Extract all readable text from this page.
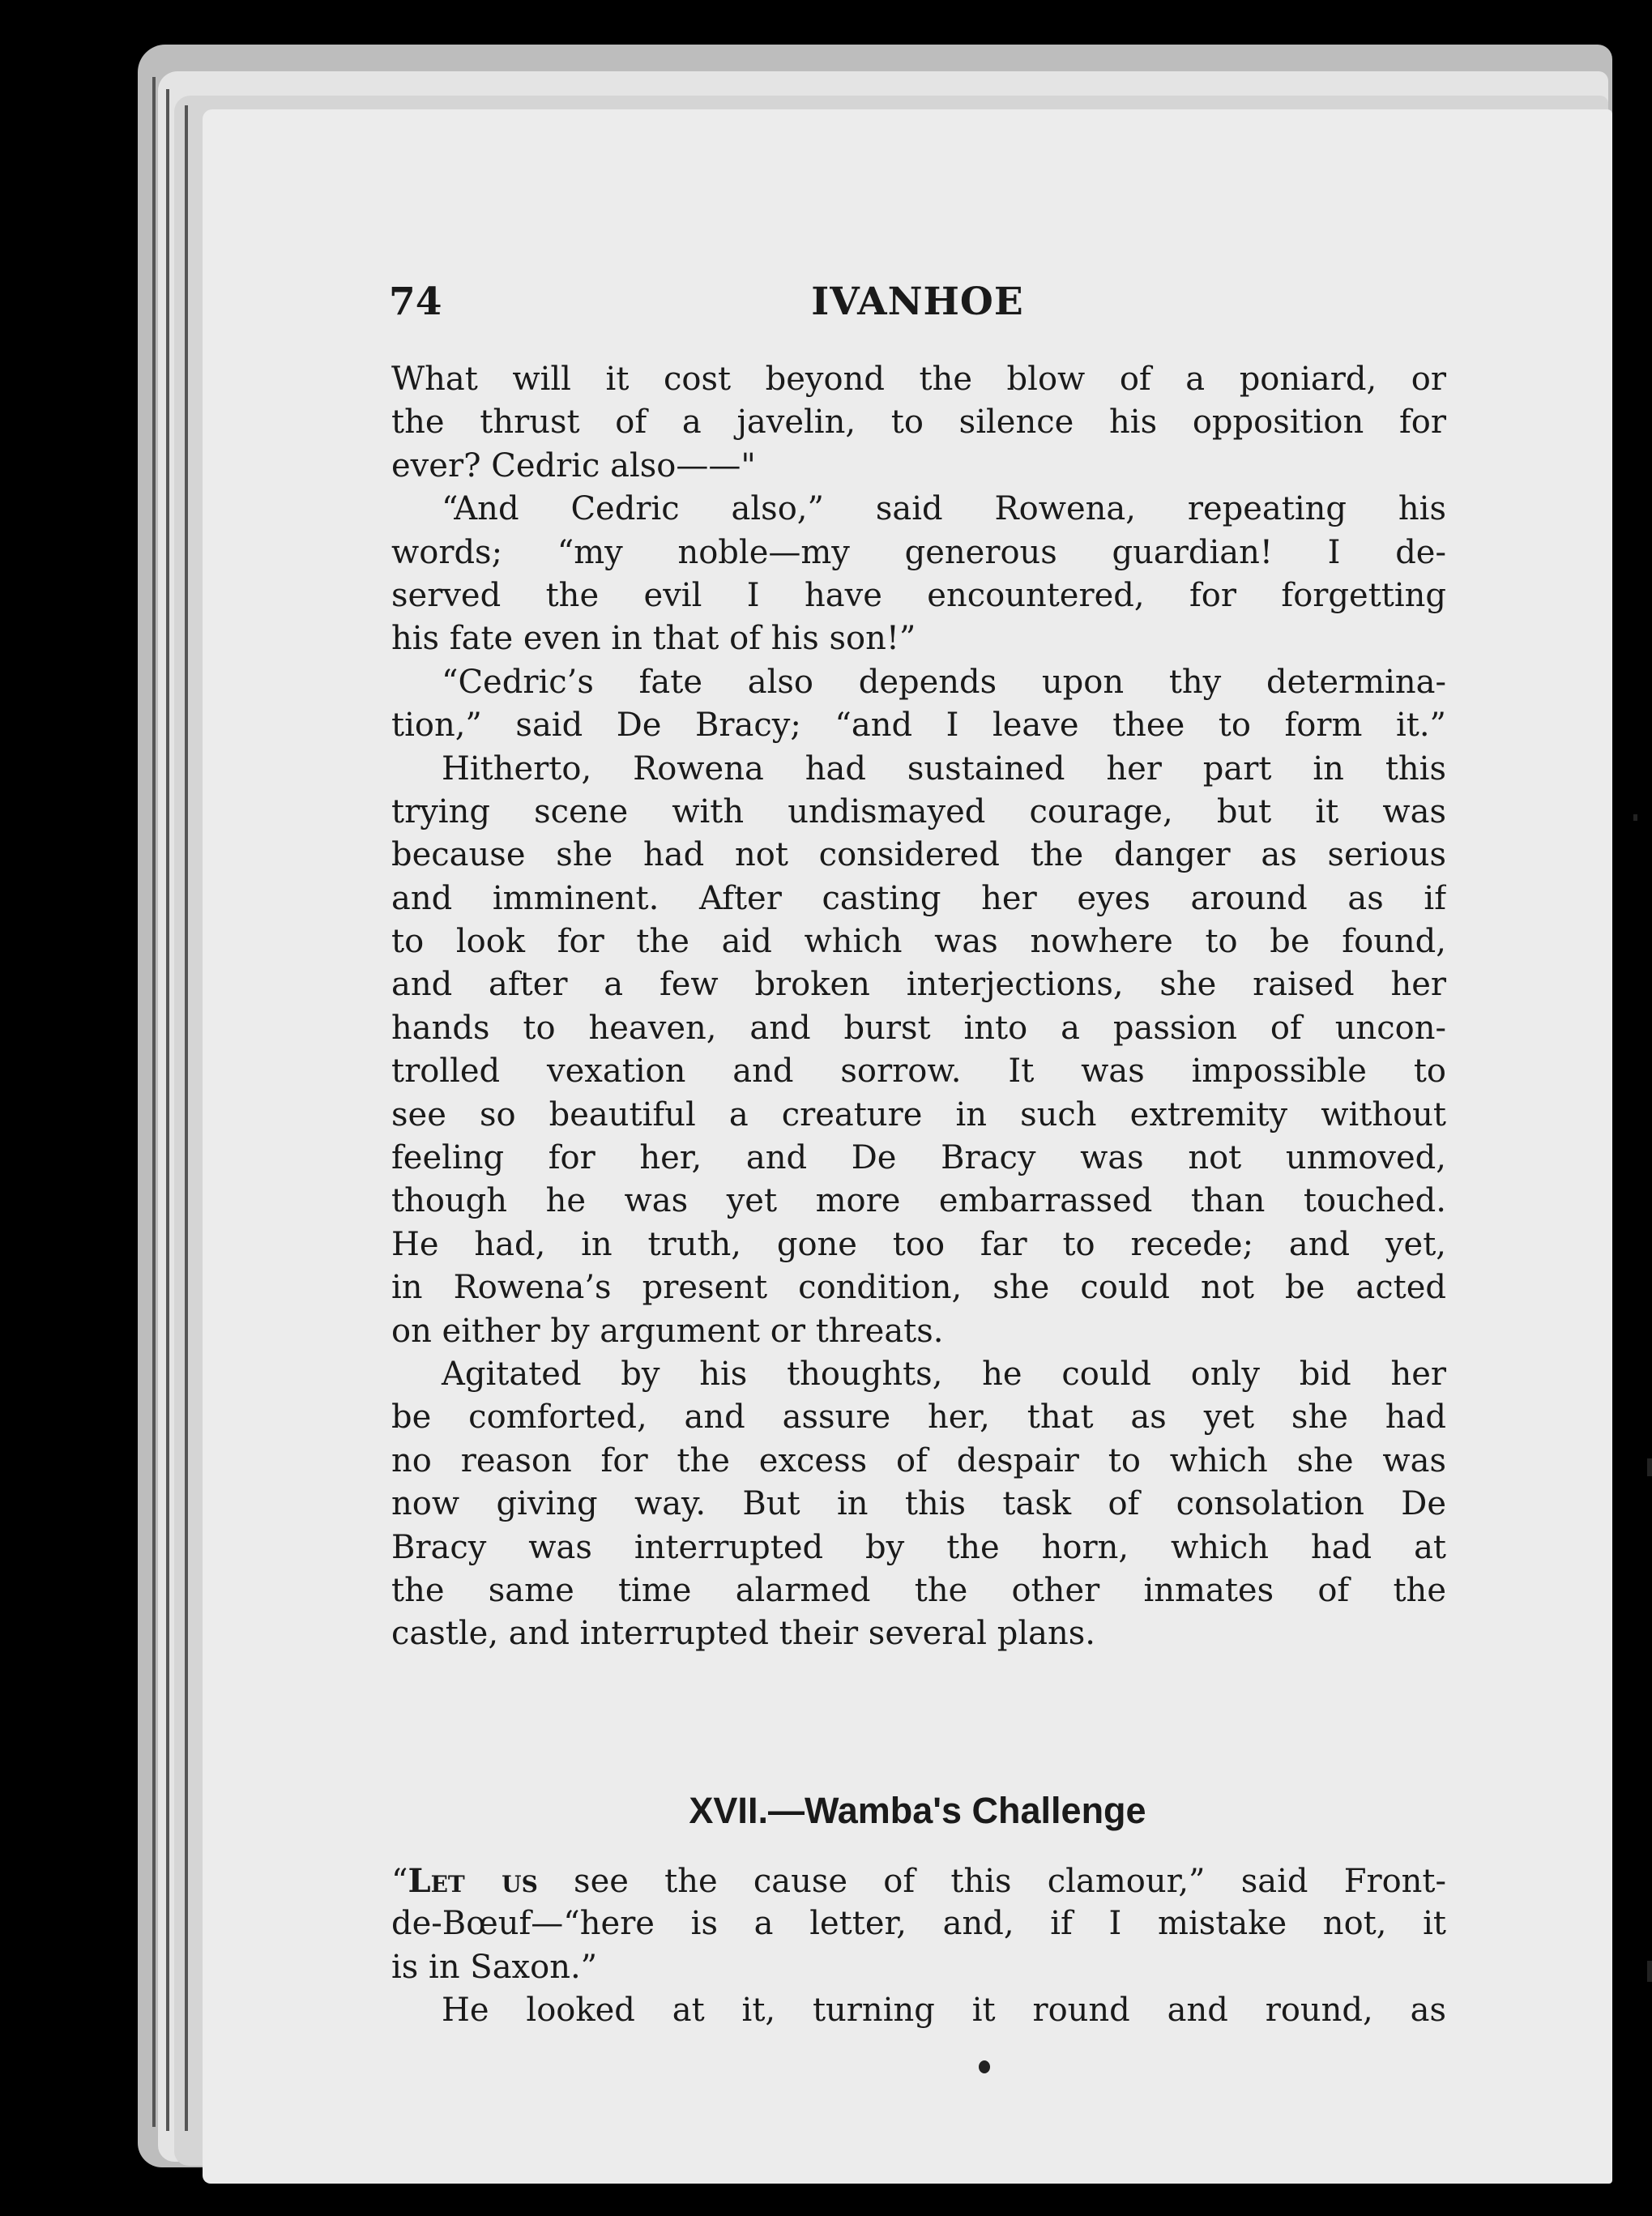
74	IVANHOE
What will it cost beyond the blow of a poniard, or
the thrust of a javelin, to silence his opposition for
ever? Cedric also——"
“And Cedric also,” said Rowena, repeating his
words; “my noble—my generous guardian! I de-
served the evil I have encountered, for forgetting
his fate even in that of his son!”
“Cedric’s fate also depends upon thy determina-
tion,” said De Bracy; “and I leave thee to form it.”
Hitherto, Rowena had sustained her part in this
trying scene with undismayed courage, but it was
because she had not considered the danger as serious
and imminent. After casting her eyes around as if
to look for the aid which was nowhere to be found,
and after a few broken interjections, she raised her
hands to heaven, and burst into a passion of uncon-
trolled vexation and sorrow. It was impossible to
see so beautiful a creature in such extremity without
feeling for her, and De Bracy was not unmoved,
though he was yet more embarrassed than touched.
He had, in truth, gone too far to recede; and yet,
in Rowena’s present condition, she could not be acted
on either by argument or threats.
Agitated by his thoughts, he could only bid her
be comforted, and assure her, that as yet she had
no reason for the excess of despair to which she was
now giving way. But in this task of consolation De
Bracy was interrupted by the horn, which had at
the same time alarmed the other inmates of the
castle, and interrupted their several plans.
XVII.—Wamba's Challenge
“Let us see the cause of this clamour,” said Front-
de-Bœuf—“here is a letter, and, if I mistake not, it
is in Saxon.”
He looked at it, turning it round and round, as
